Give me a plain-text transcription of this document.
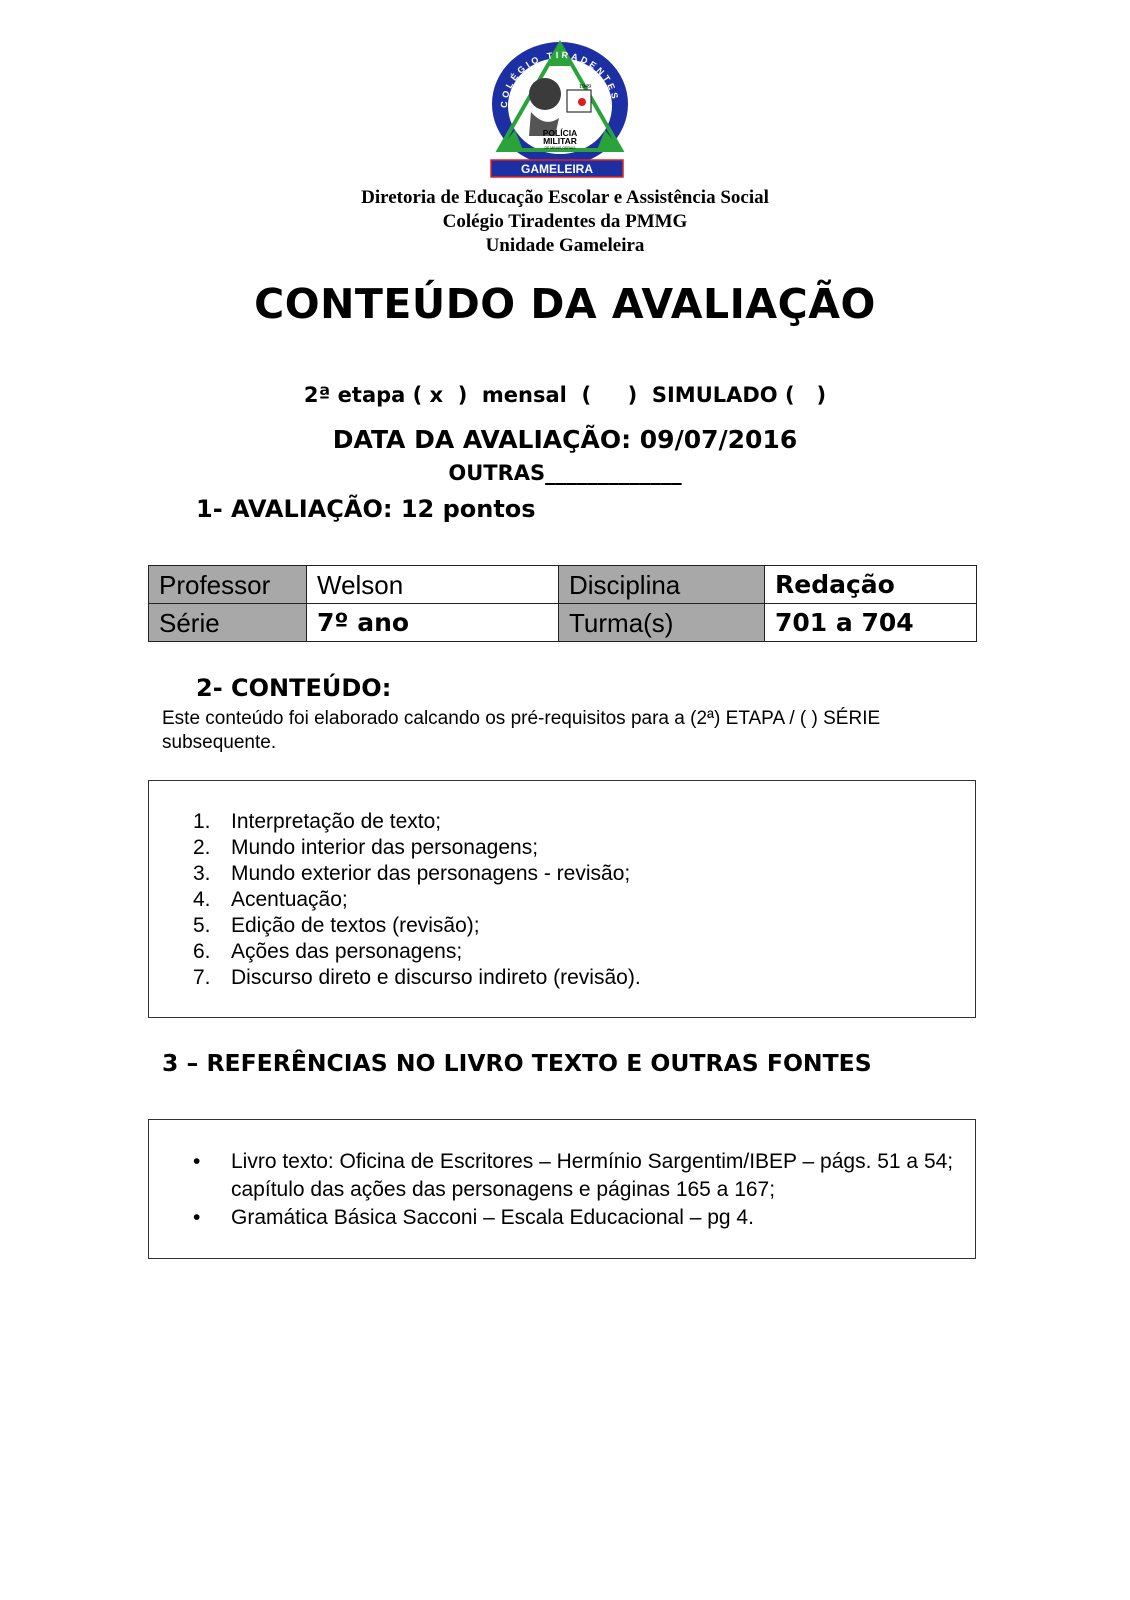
1949
POLÍCIA
MILITAR
DE MINAS GERAIS
COLÉGIO TIRADENTES
GAMELEIRA
Diretoria de Educação Escolar e Assistência Social
Colégio Tiradentes da PMMG
Unidade Gameleira
CONTEÚDO DA AVALIAÇÃO

2ª etapa ( x  )  mensal  (     )  SIMULADO (   )

OUTRAS_____________

DATA DA AVALIAÇÃO: 09/07/2016
1- AVALIAÇÃO: 12 pontos
Professor	Welson	Disciplina	Redação
Série	7º ano	Turma(s)	701 a 704
2- CONTEÚDO:
Este conteúdo foi elaborado calcando os pré-requisitos para a (2ª) ETAPA / ( ) SÉRIE subsequente.
1. Interpretação de texto;
2. Mundo interior das personagens;
3. Mundo exterior das personagens - revisão;
4. Acentuação;
5. Edição de textos (revisão);
6. Ações das personagens;
7. Discurso direto e discurso indireto (revisão).
3 – REFERÊNCIAS NO LIVRO TEXTO E OUTRAS FONTES
• Livro texto: Oficina de Escritores – Hermínio Sargentim/IBEP – págs. 51 a 54; capítulo das ações das personagens e páginas 165 a 167;
• Gramática Básica Sacconi – Escala Educacional – pg 4.
